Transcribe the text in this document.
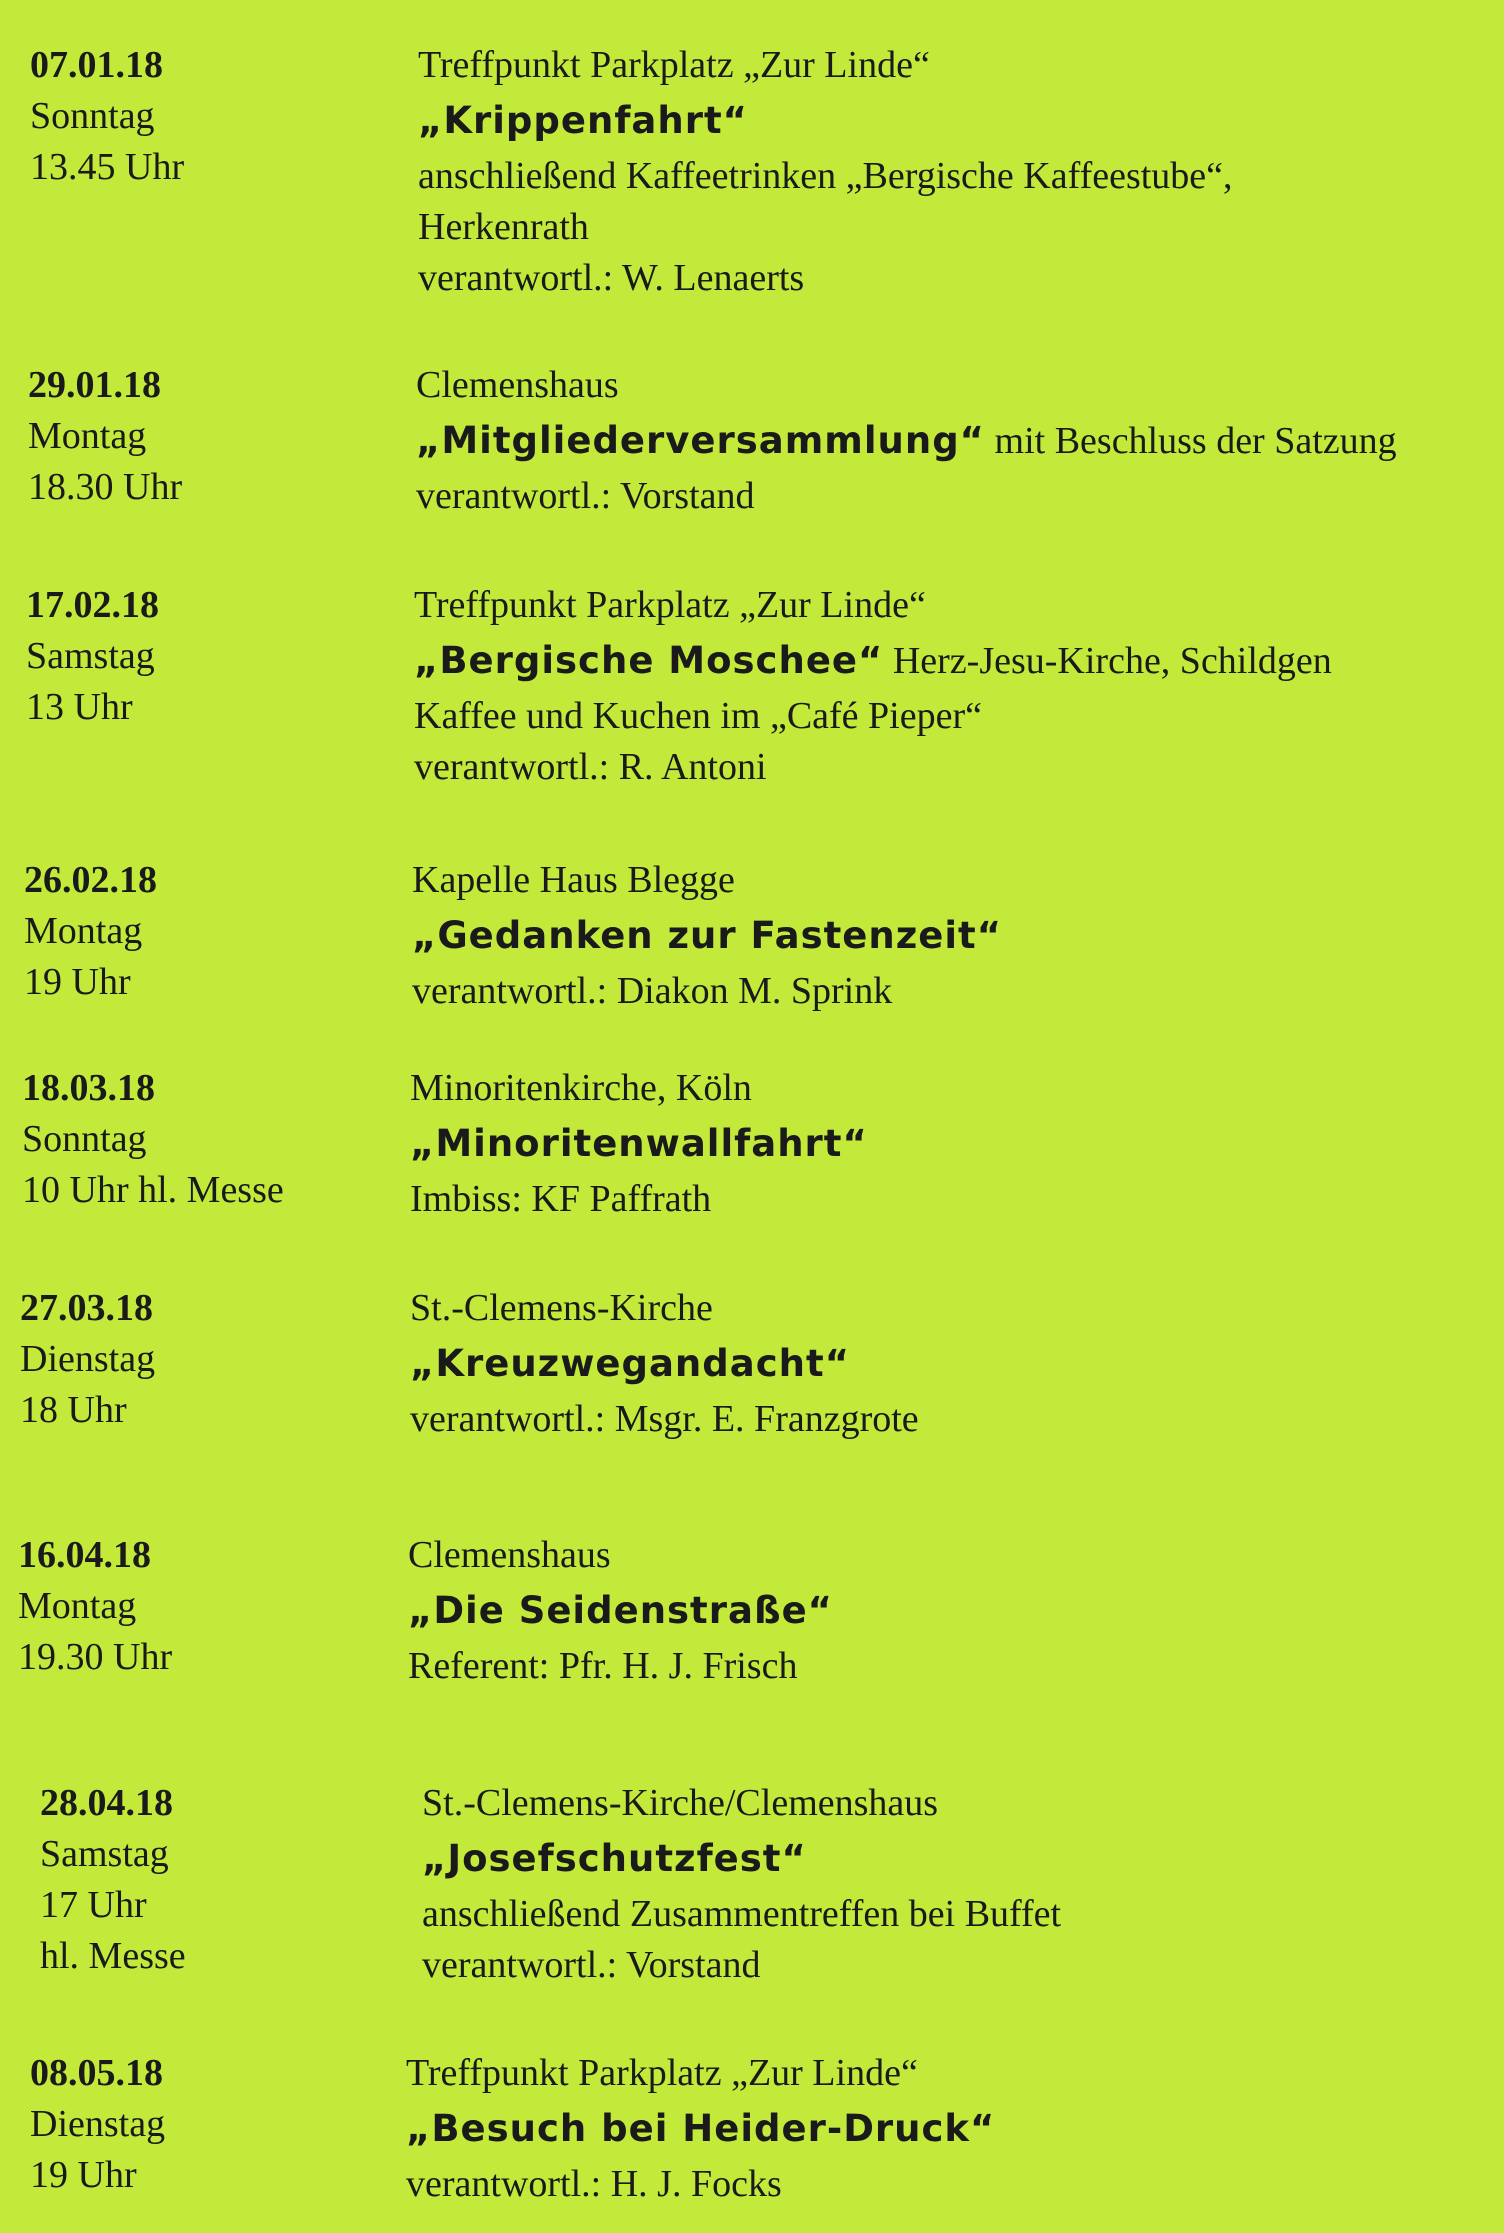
07.01.18
Sonntag
13.45 Uhr
Treffpunkt Parkplatz „Zur Linde“
„Krippenfahrt“
anschließend Kaffeetrinken „Bergische Kaffeestube“,
Herkenrath
verantwortl.: W. Lenaerts
29.01.18
Montag
18.30 Uhr
Clemenshaus
„Mitgliederversammlung“ mit Beschluss der Satzung
verantwortl.: Vorstand
17.02.18
Samstag
13 Uhr
Treffpunkt Parkplatz „Zur Linde“
„Bergische Moschee“ Herz-Jesu-Kirche, Schildgen
Kaffee und Kuchen im „Café Pieper“
verantwortl.: R. Antoni
26.02.18
Montag
19 Uhr
Kapelle Haus Blegge
„Gedanken zur Fastenzeit“
verantwortl.: Diakon M. Sprink
18.03.18
Sonntag
10 Uhr hl. Messe
Minoritenkirche, Köln
„Minoritenwallfahrt“
Imbiss: KF Paffrath
27.03.18
Dienstag
18 Uhr
St.-Clemens-Kirche
„Kreuzwegandacht“
verantwortl.: Msgr. E. Franzgrote
16.04.18
Montag
19.30 Uhr
Clemenshaus
„Die Seidenstraße“
Referent: Pfr. H. J. Frisch
28.04.18
Samstag
17 Uhr
hl. Messe
St.-Clemens-Kirche/Clemenshaus
„Josefschutzfest“
anschließend Zusammentreffen bei Buffet
verantwortl.: Vorstand
08.05.18
Dienstag
19 Uhr
Treffpunkt Parkplatz „Zur Linde“
„Besuch bei Heider-Druck“
verantwortl.: H. J. Focks
